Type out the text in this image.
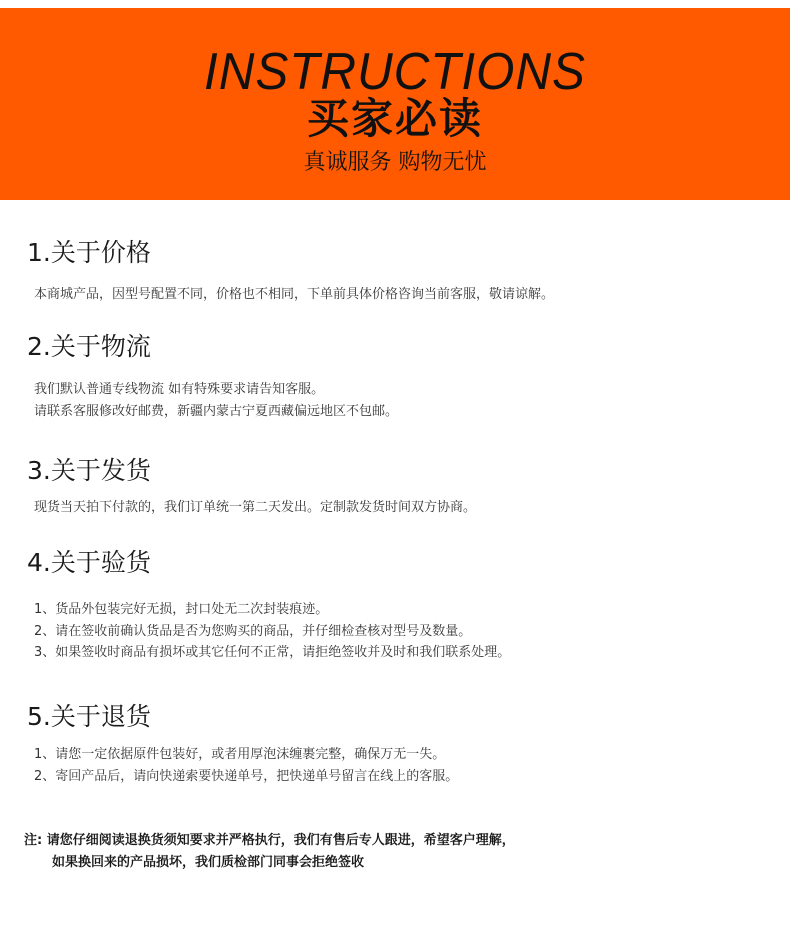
INSTRUCTIONS
买家必读
真诚服务 购物无忧
1.关于价格
本商城产品，因型号配置不同，价格也不相同，下单前具体价格咨询当前客服，敬请谅解。
2.关于物流
我们默认普通专线物流 如有特殊要求请告知客服。
请联系客服修改好邮费，新疆内蒙古宁夏西藏偏远地区不包邮。
3.关于发货
现货当天拍下付款的，我们订单统一第二天发出。定制款发货时间双方协商。
4.关于验货
1、货品外包装完好无损，封口处无二次封装痕迹。
2、请在签收前确认货品是否为您购买的商品，并仔细检查核对型号及数量。
3、如果签收时商品有损坏或其它任何不正常，请拒绝签收并及时和我们联系处理。
5.关于退货
1、请您一定依据原件包装好，或者用厚泡沫缠裹完整，确保万无一失。
2、寄回产品后，请向快递索要快递单号，把快递单号留言在线上的客服。
注: 请您仔细阅读退换货须知要求并严格执行，我们有售后专人跟进，希望客户理解，
如果换回来的产品损坏，我们质检部门同事会拒绝签收
